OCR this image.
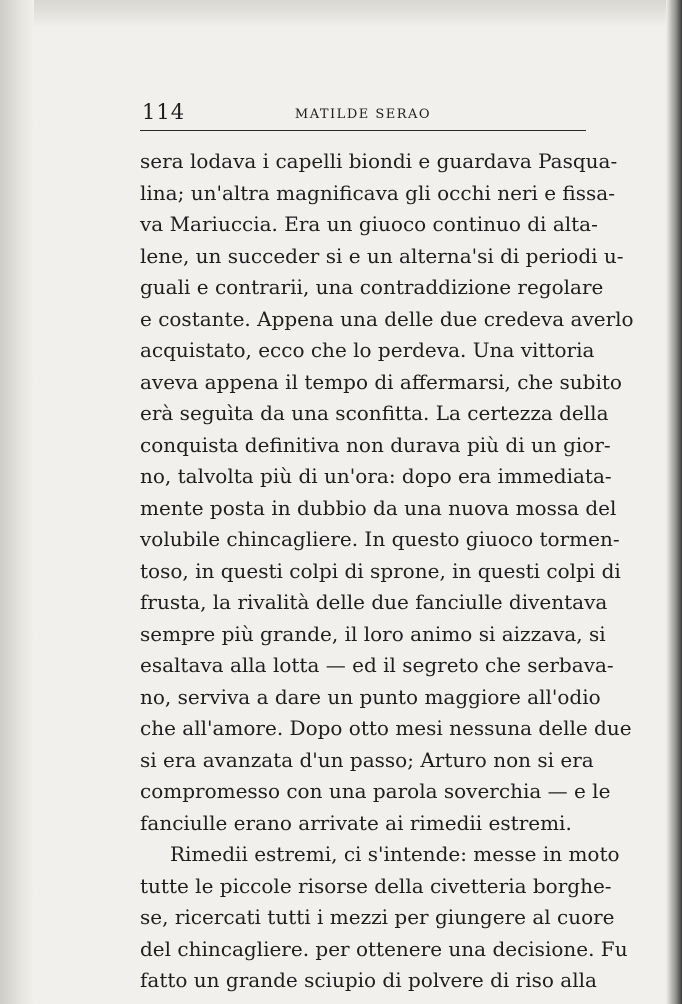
114	MATILDE SERAO
sera lodava i capelli biondi e guardava Pasqua-
lina; un'altra magnificava gli occhi neri e fissa-
va Mariuccia. Era un giuoco continuo di alta-
lene, un succeder si e un alterna'si di periodi u-
guali e contrarii, una contraddizione regolare
e costante. Appena una delle due credeva averlo
acquistato, ecco che lo perdeva. Una vittoria
aveva appena il tempo di affermarsi, che subito
erà seguìta da una sconfitta. La certezza della
conquista definitiva non durava più di un gior-
no, talvolta più di un'ora: dopo era immediata-
mente posta in dubbio da una nuova mossa del
volubile chincagliere. In questo giuoco tormen-
toso, in questi colpi di sprone, in questi colpi di
frusta, la rivalità delle due fanciulle diventava
sempre più grande, il loro animo si aizzava, si
esaltava alla lotta — ed il segreto che serbava-
no, serviva a dare un punto maggiore all'odio
che all'amore. Dopo otto mesi nessuna delle due
si era avanzata d'un passo; Arturo non si era
compromesso con una parola soverchia — e le
fanciulle erano arrivate ai rimedii estremi.
Rimedii estremi, ci s'intende: messe in moto
tutte le piccole risorse della civetteria borghe-
se, ricercati tutti i mezzi per giungere al cuore
del chincagliere. per ottenere una decisione. Fu
fatto un grande sciupio di polvere di riso alla
